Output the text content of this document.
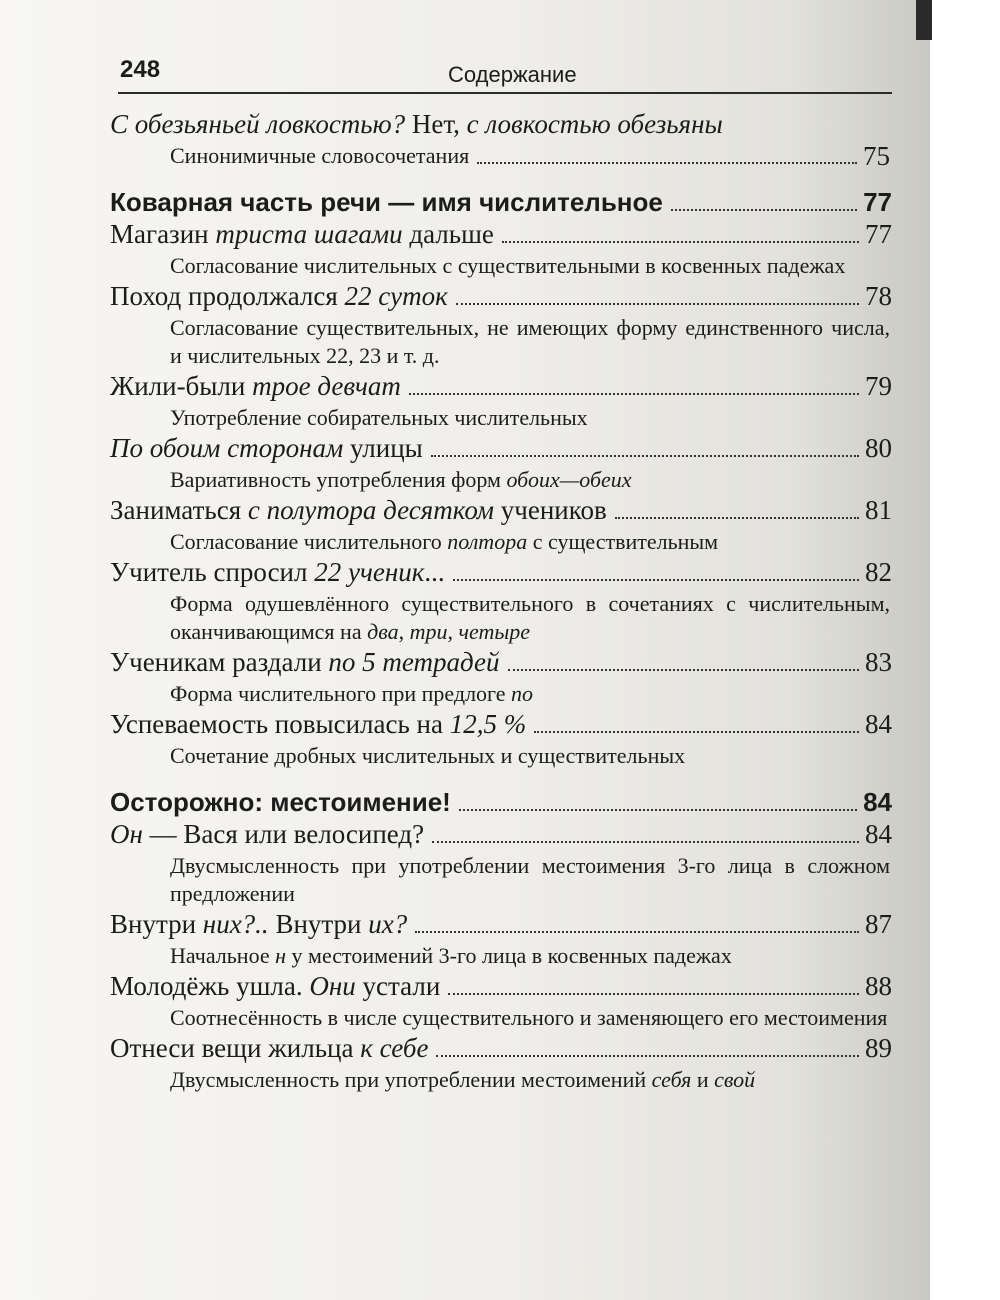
248	Содержание
С обезьяньей ловкостью? Нет, с ловкостью обезьяны
Синонимичные словосочетания	75
Коварная часть речи — имя числительное	77
Магазин триста шагами дальше	77
Согласование числительных с существительными в косвенных падежах
Поход продолжался 22 суток	78
Согласование существительных, не имеющих форму единственного числа, и числительных 22, 23 и т. д.
Жили-были трое девчат	79
Употребление собирательных числительных
По обоим сторонам улицы	80
Вариативность употребления форм обоих—обеих
Заниматься с полутора десятком учеников	81
Согласование числительного полтора с существительным
Учитель спросил 22 ученик...	82
Форма одушевлённого существительного в сочетаниях с числительным, оканчивающимся на два, три, четыре
Ученикам раздали по 5 тетрадей	83
Форма числительного при предлоге по
Успеваемость повысилась на 12,5 %	84
Сочетание дробных числительных и существительных
Осторожно: местоимение!	84
Он — Вася или велосипед?	84
Двусмысленность при употреблении местоимения 3-го лица в сложном предложении
Внутри них?.. Внутри их?	87
Начальное н у местоимений 3-го лица в косвенных падежах
Молодёжь ушла. Они устали	88
Соотнесённость в числе существительного и заменяющего его местоимения
Отнеси вещи жильца к себе	89
Двусмысленность при употреблении местоимений себя и свой
